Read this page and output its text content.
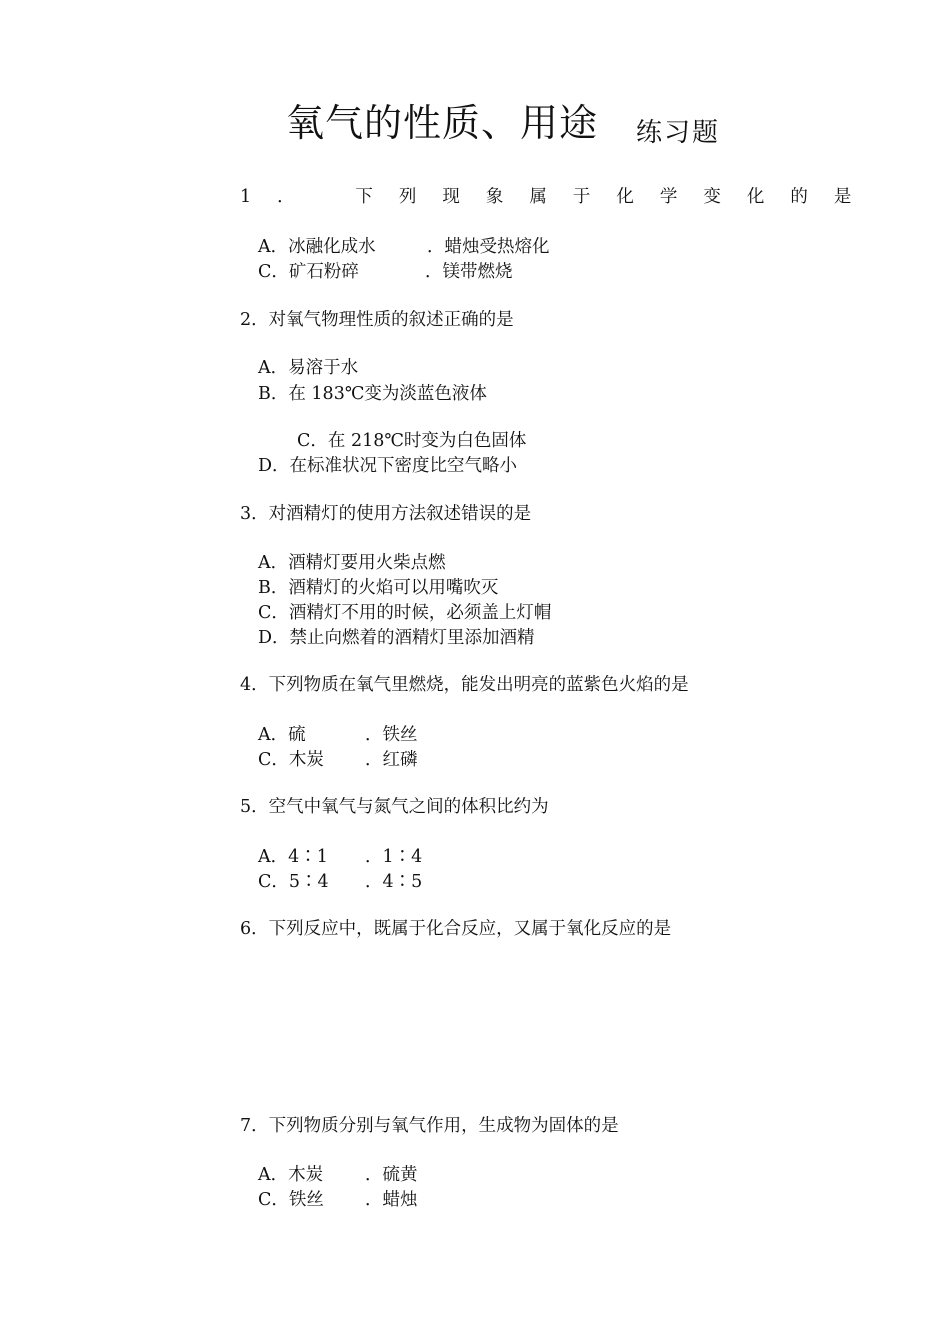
氧气的性质、用途 练习题
1．　下列现象属于化学变化的是
A．冰融化成水	．蜡烛受热熔化
C．矿石粉碎	．镁带燃烧
2．对氧气物理性质的叙述正确的是
A．易溶于水
B．在 183℃变为淡蓝色液体
C．在 218℃时变为白色固体
D．在标准状况下密度比空气略小
3．对酒精灯的使用方法叙述错误的是
A．酒精灯要用火柴点燃
B．酒精灯的火焰可以用嘴吹灭
C．酒精灯不用的时候，必须盖上灯帽
D．禁止向燃着的酒精灯里添加酒精
4．下列物质在氧气里燃烧，能发出明亮的蓝紫色火焰的是
A．硫	．铁丝
C．木炭 ．红磷
5．空气中氧气与氮气之间的体积比约为
A．4∶1 ．1∶4
C．5∶4 ．4∶5
6．下列反应中，既属于化合反应，又属于氧化反应的是
7．下列物质分别与氧气作用，生成物为固体的是
A．木炭 ．硫黄
C．铁丝 ．蜡烛
